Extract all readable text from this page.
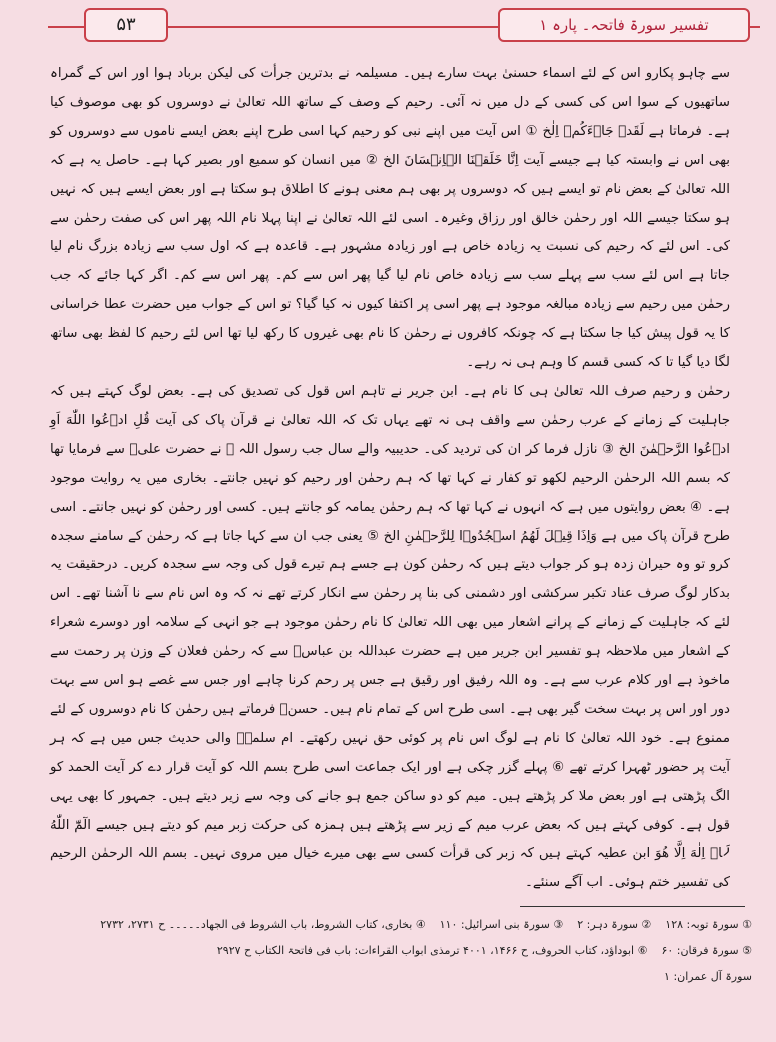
۵۳	تفسیر سورۃ فاتحہ۔ پارہ ۱

سے چاہو پکارو اس کے لئے اسماء حسنیٰ بہت سارے ہیں۔ مسیلمہ نے بدترین جرأت کی لیکن برباد ہوا اور اس کے گمراہ ساتھیوں کے سوا اس کی کسی کے دل میں نہ آئی۔ رحیم کے وصف کے ساتھ اللہ تعالیٰ نے دوسروں کو بھی موصوف کیا ہے۔ فرماتا ہے لَقَدۡ جَاۗءَكُمۡ اِلٰخ ① اس آیت میں اپنے نبی کو رحیم کہا اسی طرح اپنے بعض ایسے ناموں سے دوسروں کو بھی اس نے وابستہ کیا ہے جیسے آیت اِنَّا خَلَقۡنَا الۡاِنۡسَانَ الخ ② میں انسان کو سمیع اور بصیر کہا ہے۔ حاصل یہ ہے کہ اللہ تعالیٰ کے بعض نام تو ایسے ہیں کہ دوسروں پر بھی ہم معنی ہونے کا اطلاق ہو سکتا ہے اور بعض ایسے ہیں کہ نہیں ہو سکتا جیسے اللہ اور رحمٰن خالق اور رزاق وغیرہ۔ اسی لئے اللہ تعالیٰ نے اپنا پہلا نام اللہ پھر اس کی صفت رحمٰن سے کی۔ اس لئے کہ رحیم کی نسبت یہ زیادہ خاص ہے اور زیادہ مشہور ہے۔ قاعدہ ہے کہ اول سب سے زیادہ بزرگ نام لیا جاتا ہے اس لئے سب سے پہلے سب سے زیادہ خاص نام لیا گیا پھر اس سے کم۔ پھر اس سے کم۔ اگر کہا جائے کہ جب رحمٰن میں رحیم سے زیادہ مبالغہ موجود ہے پھر اسی پر اکتفا کیوں نہ کیا گیا؟ تو اس کے جواب میں حضرت عطا خراسانی کا یہ قول پیش کیا جا سکتا ہے کہ چونکہ کافروں نے رحمٰن کا نام بھی غیروں کا رکھ لیا تھا اس لئے رحیم کا لفظ بھی ساتھ لگا دیا گیا تا کہ کسی قسم کا وہم ہی نہ رہے۔

رحمٰن و رحیم صرف اللہ تعالیٰ ہی کا نام ہے۔ ابن جریر نے تاہم اس قول کی تصدیق کی ہے۔ بعض لوگ کہتے ہیں کہ جاہلیت کے زمانے کے عرب رحمٰن سے واقف ہی نہ تھے یہاں تک کہ اللہ تعالیٰ نے قرآن پاک کی آیت قُلِ ادۡعُوا اللّٰهَ اَوِ ادۡعُوا الرَّحۡمٰنَ الخ ③ نازل فرما کر ان کی تردید کی۔ حدیبیہ والے سال جب رسول اللہ ﷺ نے حضرت علیؓ سے فرمایا تھا کہ بسم اللہ الرحمٰن الرحیم لکھو تو کفار نے کہا تھا کہ ہم رحمٰن اور رحیم کو نہیں جانتے۔ بخاری میں یہ روایت موجود ہے۔ ④ بعض روایتوں میں ہے کہ انہوں نے کہا تھا کہ ہم رحمٰن یمامہ کو جانتے ہیں۔ کسی اور رحمٰن کو نہیں جانتے۔ اسی طرح قرآن پاک میں ہے وَاِذَا قِيۡلَ لَهُمُ اسۡجُدُوۡا لِلرَّحۡمٰنِ الخ ⑤ یعنی جب ان سے کہا جاتا ہے کہ رحمٰن کے سامنے سجدہ کرو تو وہ حیران زدہ ہو کر جواب دیتے ہیں کہ رحمٰن کون ہے جسے ہم تیرے قول کی وجہ سے سجدہ کریں۔ درحقیقت یہ بدکار لوگ صرف عناد تکبر سرکشی اور دشمنی کی بنا پر رحمٰن سے انکار کرتے تھے نہ کہ وہ اس نام سے نا آشنا تھے۔ اس لئے کہ جاہلیت کے زمانے کے پرانے اشعار میں بھی اللہ تعالیٰ کا نام رحمٰن موجود ہے جو انہی کے سلامہ اور دوسرے شعراء کے اشعار میں ملاحظہ ہو تفسیر ابن جریر میں ہے حضرت عبداللہ بن عباسؓ سے کہ رحمٰن فعلان کے وزن پر رحمت سے ماخوذ ہے اور کلام عرب سے ہے۔ وہ اللہ رفیق اور رقیق ہے جس پر رحم کرنا چاہے اور جس سے غصے ہو اس سے بہت دور اور اس پر بہت سخت گیر بھی ہے۔ اسی طرح اس کے تمام نام ہیں۔ حسنؒ فرماتے ہیں رحمٰن کا نام دوسروں کے لئے ممنوع ہے۔ خود اللہ تعالیٰ کا نام ہے لوگ اس نام پر کوئی حق نہیں رکھتے۔ ام سلمہؓ والی حدیث جس میں ہے کہ ہر آیت پر حضور ٹھہرا کرتے تھے ⑥ پہلے گزر چکی ہے اور ایک جماعت اسی طرح بسم اللہ کو آیت قرار دے کر آیت الحمد کو الگ پڑھتی ہے اور بعض ملا کر پڑھتے ہیں۔ میم کو دو ساکن جمع ہو جانے کی وجہ سے زیر دیتے ہیں۔ جمہور کا بھی یہی قول ہے۔ کوفی کہتے ہیں کہ بعض عرب میم کے زیر سے پڑھتے ہیں ہمزہ کی حرکت زبر میم کو دیتے ہیں جیسے الٓمّٓ اللّٰهُ لَاۤ اِلٰهَ اِلَّا هُوَ ابن عطیہ کہتے ہیں کہ زبر کی قرأت کسی سے بھی میرے خیال میں مروی نہیں۔ بسم اللہ الرحمٰن الرحیم کی تفسیر ختم ہوئی۔ اب آگے سنئے۔

① سورۃ توبہ: ۱۲۸
② سورۃ دہر: ۲
③ سورۃ بنی اسرائیل: ۱۱۰
④ بخاری، کتاب الشروط، باب الشروط فی الجهاد۔۔۔۔۔ ح ۲۷۳۱، ۲۷۳۲
⑤ سورۃ فرقان: ۶۰
⑥ ابوداؤد، کتاب الحروف، ح ۱۴۶۶، ۴۰۰۱ ترمذی ابواب القراءات: باب فی فاتحۃ الکتاب ح ۲۹۲۷
سورۃ آل عمران: ۱
